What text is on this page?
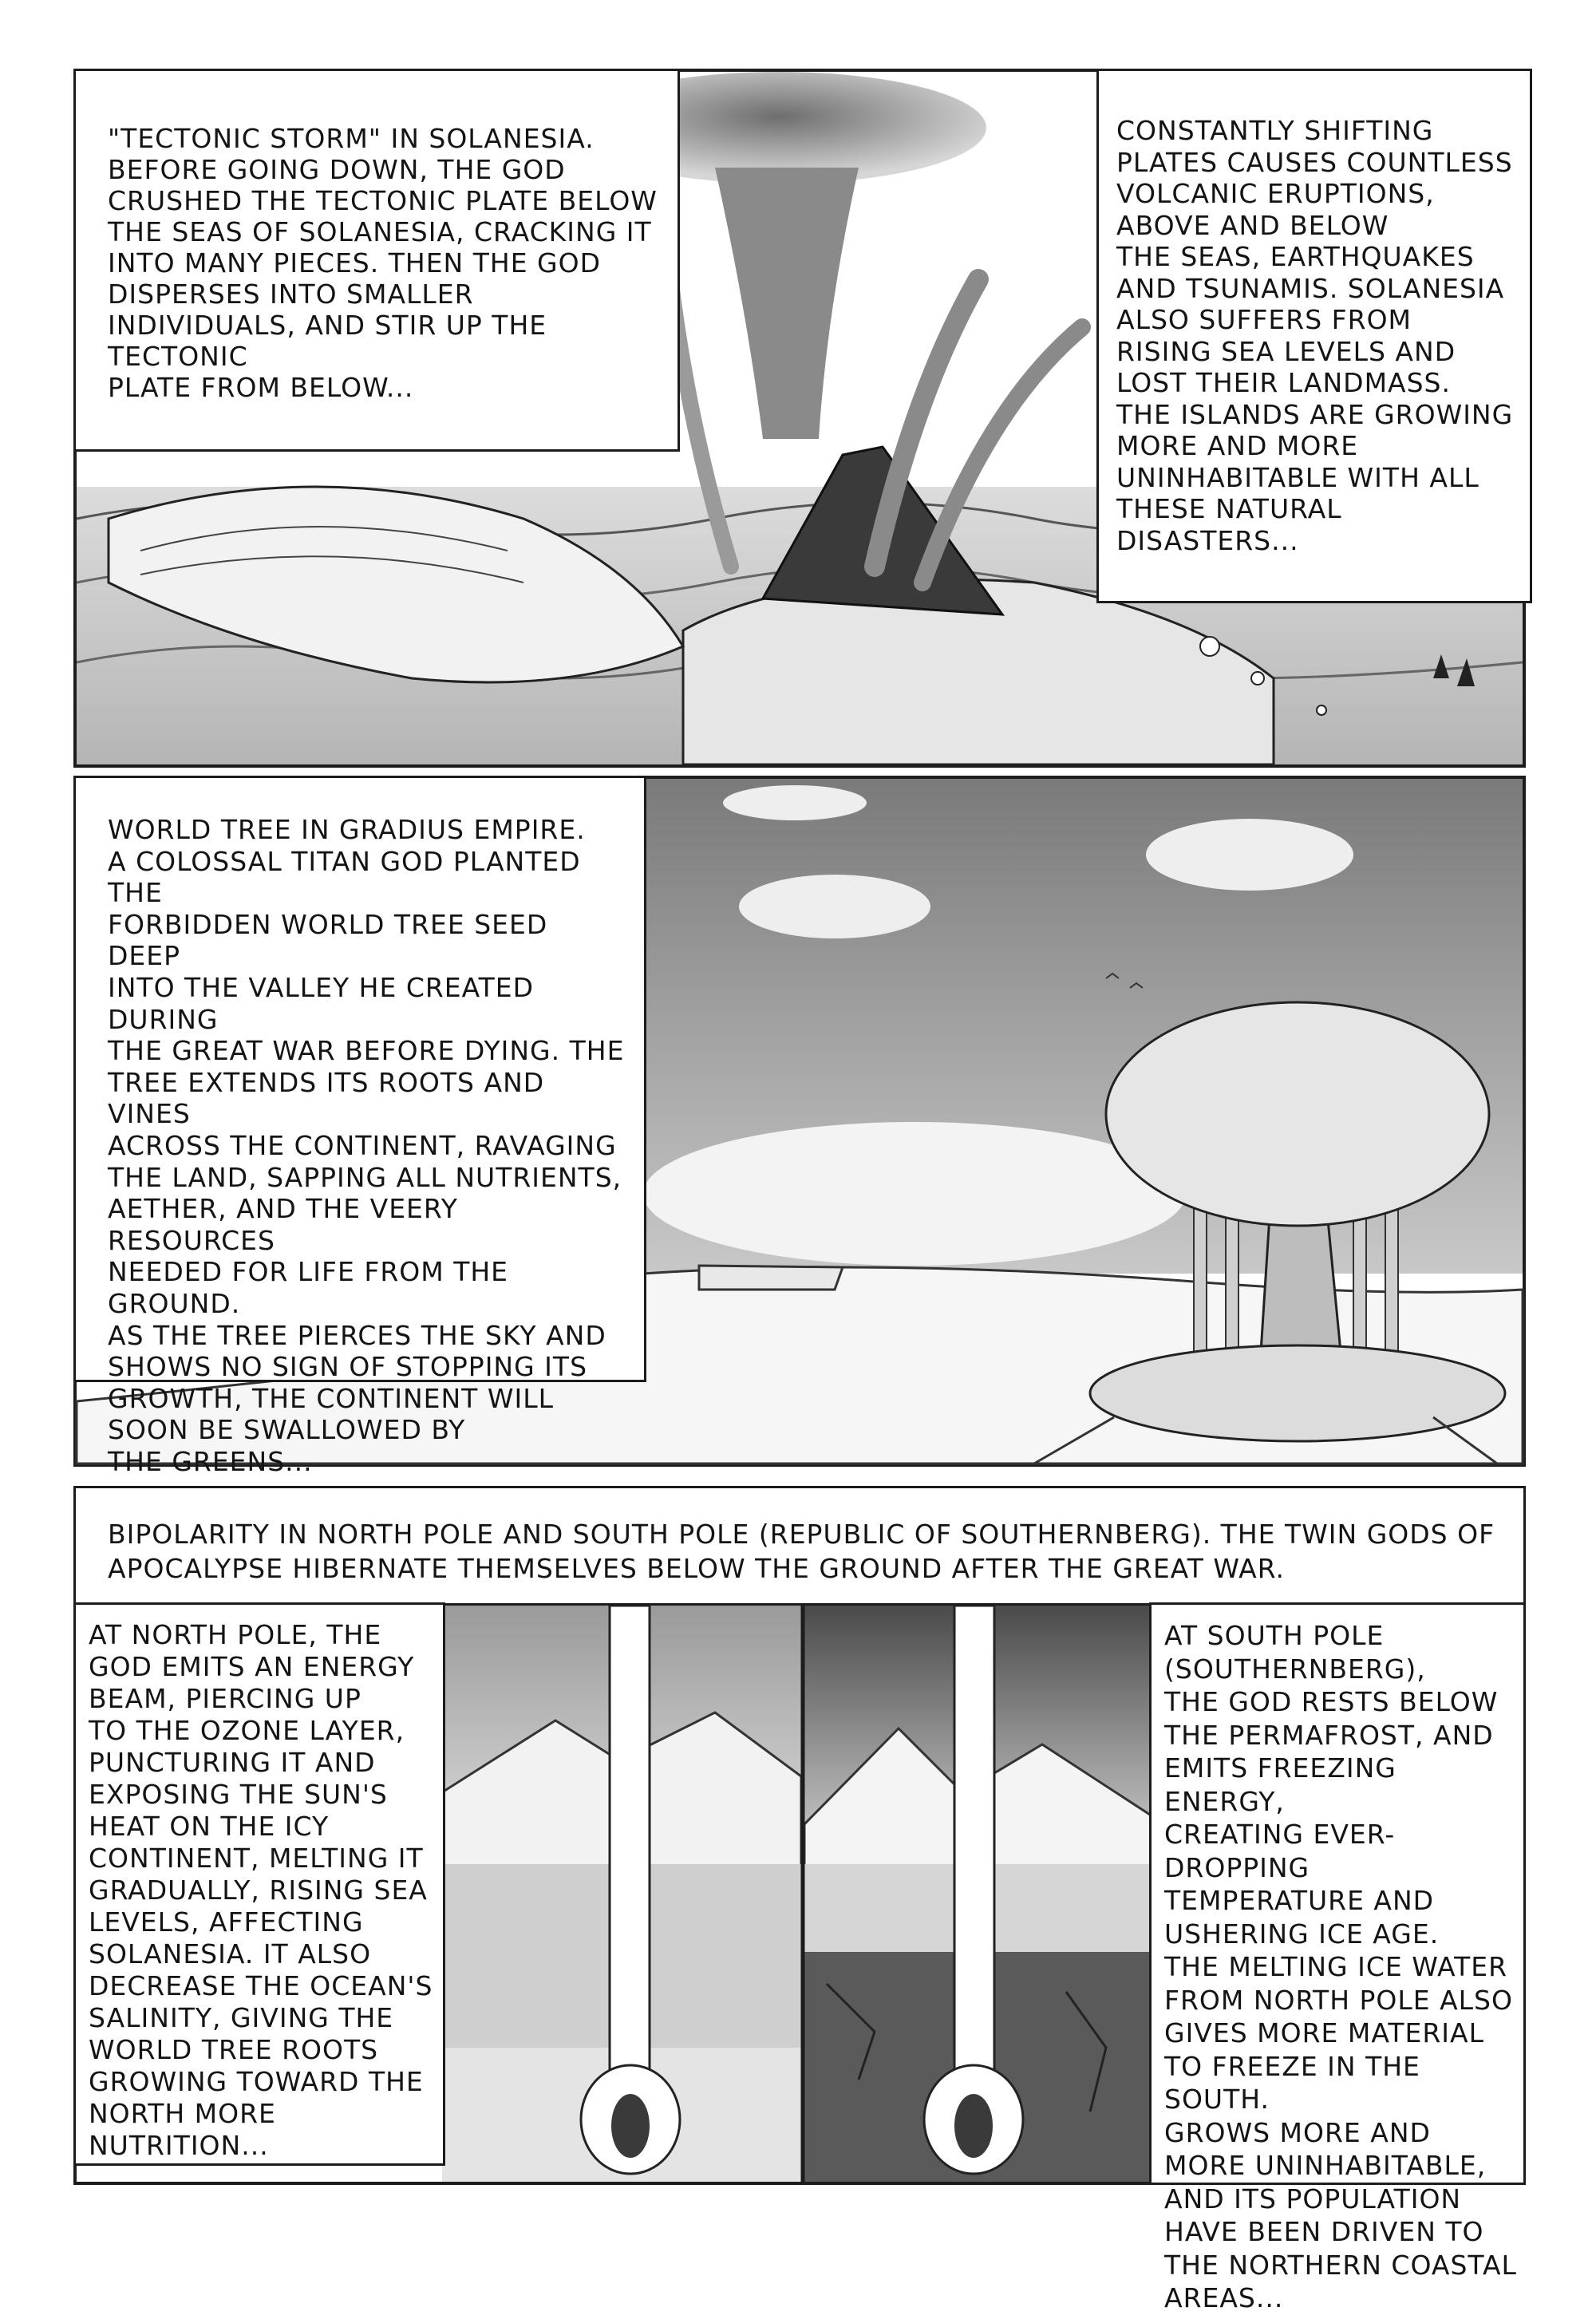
"TECTONIC STORM" IN SOLANESIA.
BEFORE GOING DOWN, THE GOD
CRUSHED THE TECTONIC PLATE BELOW
THE SEAS OF SOLANESIA, CRACKING IT
INTO MANY PIECES. THEN THE GOD
DISPERSES INTO SMALLER
INDIVIDUALS, AND STIR UP THE TECTONIC
PLATE FROM BELOW...
CONSTANTLY SHIFTING
PLATES CAUSES COUNTLESS
VOLCANIC ERUPTIONS,
ABOVE AND BELOW
THE SEAS, EARTHQUAKES
AND TSUNAMIS. SOLANESIA
ALSO SUFFERS FROM
RISING SEA LEVELS AND
LOST THEIR LANDMASS.
THE ISLANDS ARE GROWING
MORE AND MORE
UNINHABITABLE WITH ALL
THESE NATURAL DISASTERS...
WORLD TREE IN GRADIUS EMPIRE.
A COLOSSAL TITAN GOD PLANTED THE
FORBIDDEN WORLD TREE SEED DEEP
INTO THE VALLEY HE CREATED DURING
THE GREAT WAR BEFORE DYING. THE
TREE EXTENDS ITS ROOTS AND VINES
ACROSS THE CONTINENT, RAVAGING
THE LAND, SAPPING ALL NUTRIENTS,
AETHER, AND THE VEERY RESOURCES
NEEDED FOR LIFE FROM THE GROUND.
AS THE TREE PIERCES THE SKY AND
SHOWS NO SIGN OF STOPPING ITS
GROWTH, THE CONTINENT WILL
SOON BE SWALLOWED BY
THE GREENS...
BIPOLARITY IN NORTH POLE AND SOUTH POLE (REPUBLIC OF SOUTHERNBERG). THE TWIN GODS OF
APOCALYPSE HIBERNATE THEMSELVES BELOW THE GROUND AFTER THE GREAT WAR.
AT NORTH POLE, THE
GOD EMITS AN ENERGY
BEAM, PIERCING UP
TO THE OZONE LAYER,
PUNCTURING IT AND
EXPOSING THE SUN'S
HEAT ON THE ICY
CONTINENT, MELTING IT
GRADUALLY, RISING SEA
LEVELS, AFFECTING
SOLANESIA. IT ALSO
DECREASE THE OCEAN'S
SALINITY, GIVING THE
WORLD TREE ROOTS
GROWING TOWARD THE
NORTH MORE NUTRITION...
AT SOUTH POLE
(SOUTHERNBERG),
THE GOD RESTS BELOW
THE PERMAFROST, AND
EMITS FREEZING ENERGY,
CREATING EVER-DROPPING
TEMPERATURE AND
USHERING ICE AGE.
THE MELTING ICE WATER
FROM NORTH POLE ALSO
GIVES MORE MATERIAL
TO FREEZE IN THE SOUTH.
GROWS MORE AND
MORE UNINHABITABLE,
AND ITS POPULATION
HAVE BEEN DRIVEN TO
THE NORTHERN COASTAL
AREAS...
